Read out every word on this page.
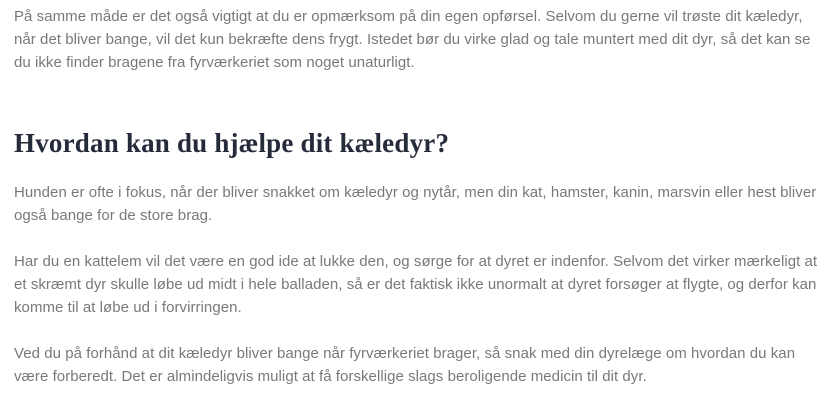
På samme måde er det også vigtigt at du er opmærksom på din egen opførsel. Selvom du gerne vil trøste dit kæledyr, når det bliver bange, vil det kun bekræfte dens frygt. Istedet bør du virke glad og tale muntert med dit dyr, så det kan se du ikke finder bragene fra fyrværkeriet som noget unaturligt.

Hvordan kan du hjælpe dit kæledyr?

Hunden er ofte i fokus, når der bliver snakket om kæledyr og nytår, men din kat, hamster, kanin, marsvin eller hest bliver også bange for de store brag.

Har du en kattelem vil det være en god ide at lukke den, og sørge for at dyret er indenfor. Selvom det virker mærkeligt at et skræmt dyr skulle løbe ud midt i hele balladen, så er det faktisk ikke unormalt at dyret forsøger at flygte, og derfor kan komme til at løbe ud i forvirringen.

Ved du på forhånd at dit kæledyr bliver bange når fyrværkeriet brager, så snak med din dyrelæge om hvordan du kan være forberedt. Det er almindeligvis muligt at få forskellige slags beroligende medicin til dit dyr.
